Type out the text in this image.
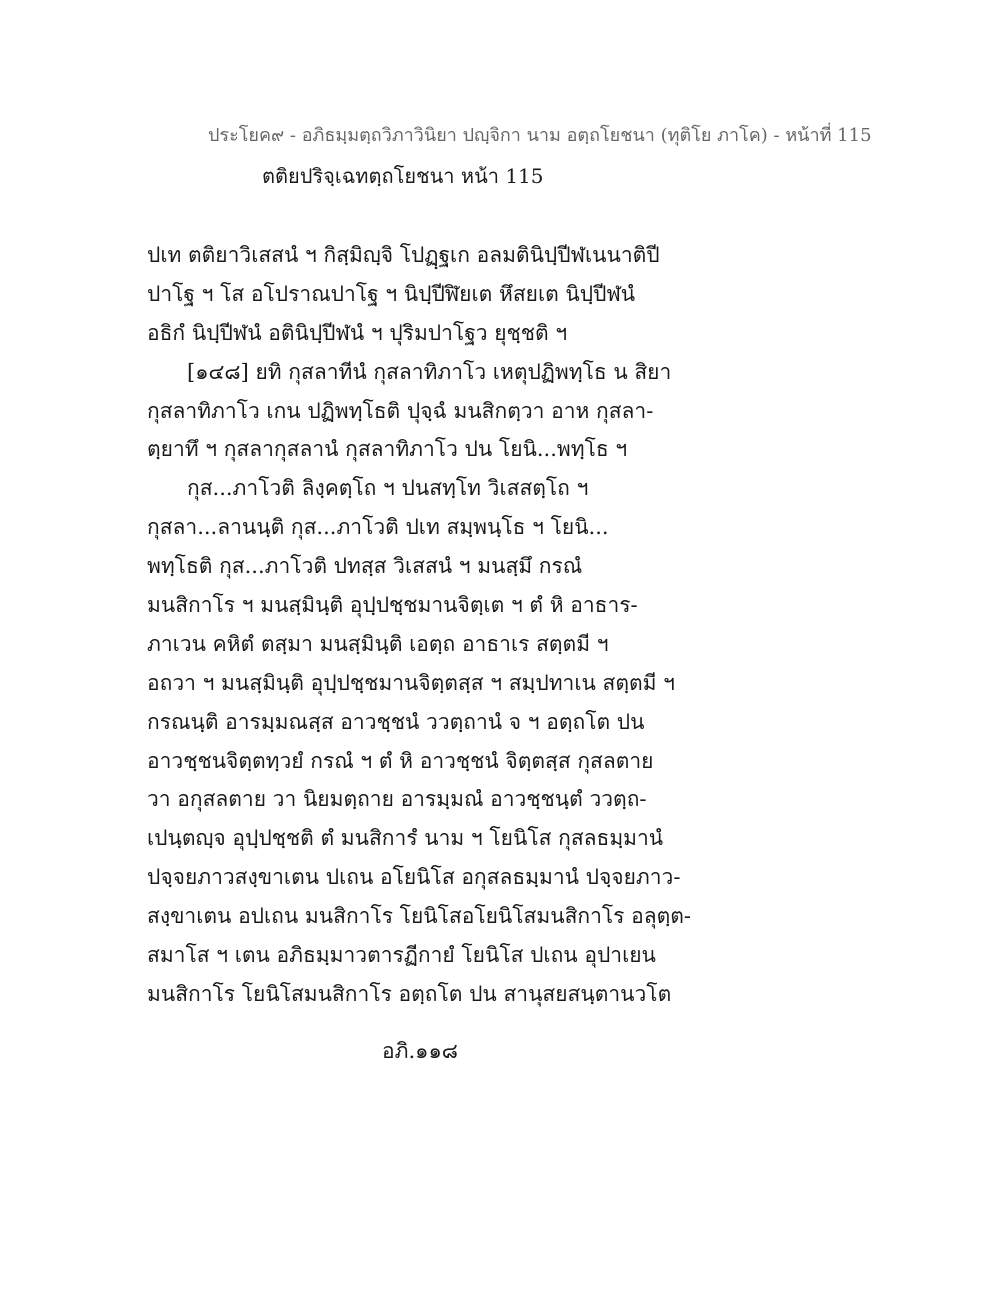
ประโยค๙ - อภิธมฺมตฺถวิภาวินิยา ปญฺจิกา นาม อตฺถโยชนา (ทุติโย ภาโค) - หน้าที่ 115
ตติยปริจฺเฉทตฺถโยชนา หน้า 115
ปเท ตติยาวิเสสนํ ฯ กิสฺมิญฺจิ โปฏฺฐเก อลมตินิปฺปีฬเนนาติปี
ปาโฐ ฯ โส อโปราณปาโฐ ฯ นิปฺปีฬิยเต หึสยเต นิปฺปีฬนํ
อธิกํ นิปฺปีฬนํ อตินิปฺปีฬนํ ฯ ปุริมปาโฐว ยุชฺชติ ฯ
[๑๔๘] ยทิ กุสลาทีนํ กุสลาทิภาโว เหตุปฏิพทฺโธ น สิยา
กุสลาทิภาโว เกน ปฏิพทฺโธติ ปุจฺฉํ มนสิกตฺวา อาห กุสลา-
ตฺยาทึ ฯ กุสลากุสลานํ กุสลาทิภาโว ปน โยนิ...พทฺโธ ฯ
กุส...ภาโวติ ลิงฺคตฺโถ ฯ ปนสทฺโท วิเสสตฺโถ ฯ
กุสลา...ลานนฺติ กุส...ภาโวติ ปเท สมฺพนฺโธ ฯ โยนิ...
พทฺโธติ กุส...ภาโวติ ปทสฺส วิเสสนํ ฯ มนสฺมึ กรณํ
มนสิกาโร ฯ มนสฺมินฺติ อุปฺปชฺชมานจิตฺเต ฯ ตํ หิ อาธาร-
ภาเวน คหิตํ ตสฺมา มนสฺมินฺติ เอตฺถ อาธาเร สตฺตมี ฯ
อถวา ฯ มนสฺมินฺติ อุปฺปชฺชมานจิตฺตสฺส ฯ สมฺปทาเน สตฺตมี ฯ
กรณนฺติ อารมฺมณสฺส อาวชฺชนํ ววตฺถานํ จ ฯ อตฺถโต ปน
อาวชฺชนจิตฺตทฺวยํ กรณํ ฯ ตํ หิ อาวชฺชนํ จิตฺตสฺส กุสลตาย
วา อกุสลตาย วา นิยมตฺถาย อารมฺมณํ อาวชฺชนฺตํ ววตฺถ-
เปนฺตญฺจ อุปฺปชฺชติ ตํ มนสิการํ นาม ฯ โยนิโส กุสลธมฺมานํ
ปจฺจยภาวสงฺขาเตน ปเถน อโยนิโส อกุสลธมฺมานํ ปจฺจยภาว-
สงฺขาเตน อปเถน มนสิกาโร โยนิโสอโยนิโสมนสิกาโร อลุตฺต-
สมาโส ฯ เตน อภิธมฺมาวตารฏีกายํ โยนิโส ปเถน อุปาเยน
มนสิกาโร โยนิโสมนสิกาโร อตฺถโต ปน สานุสยสนฺตานวโต
อภิ.๑๑๘
